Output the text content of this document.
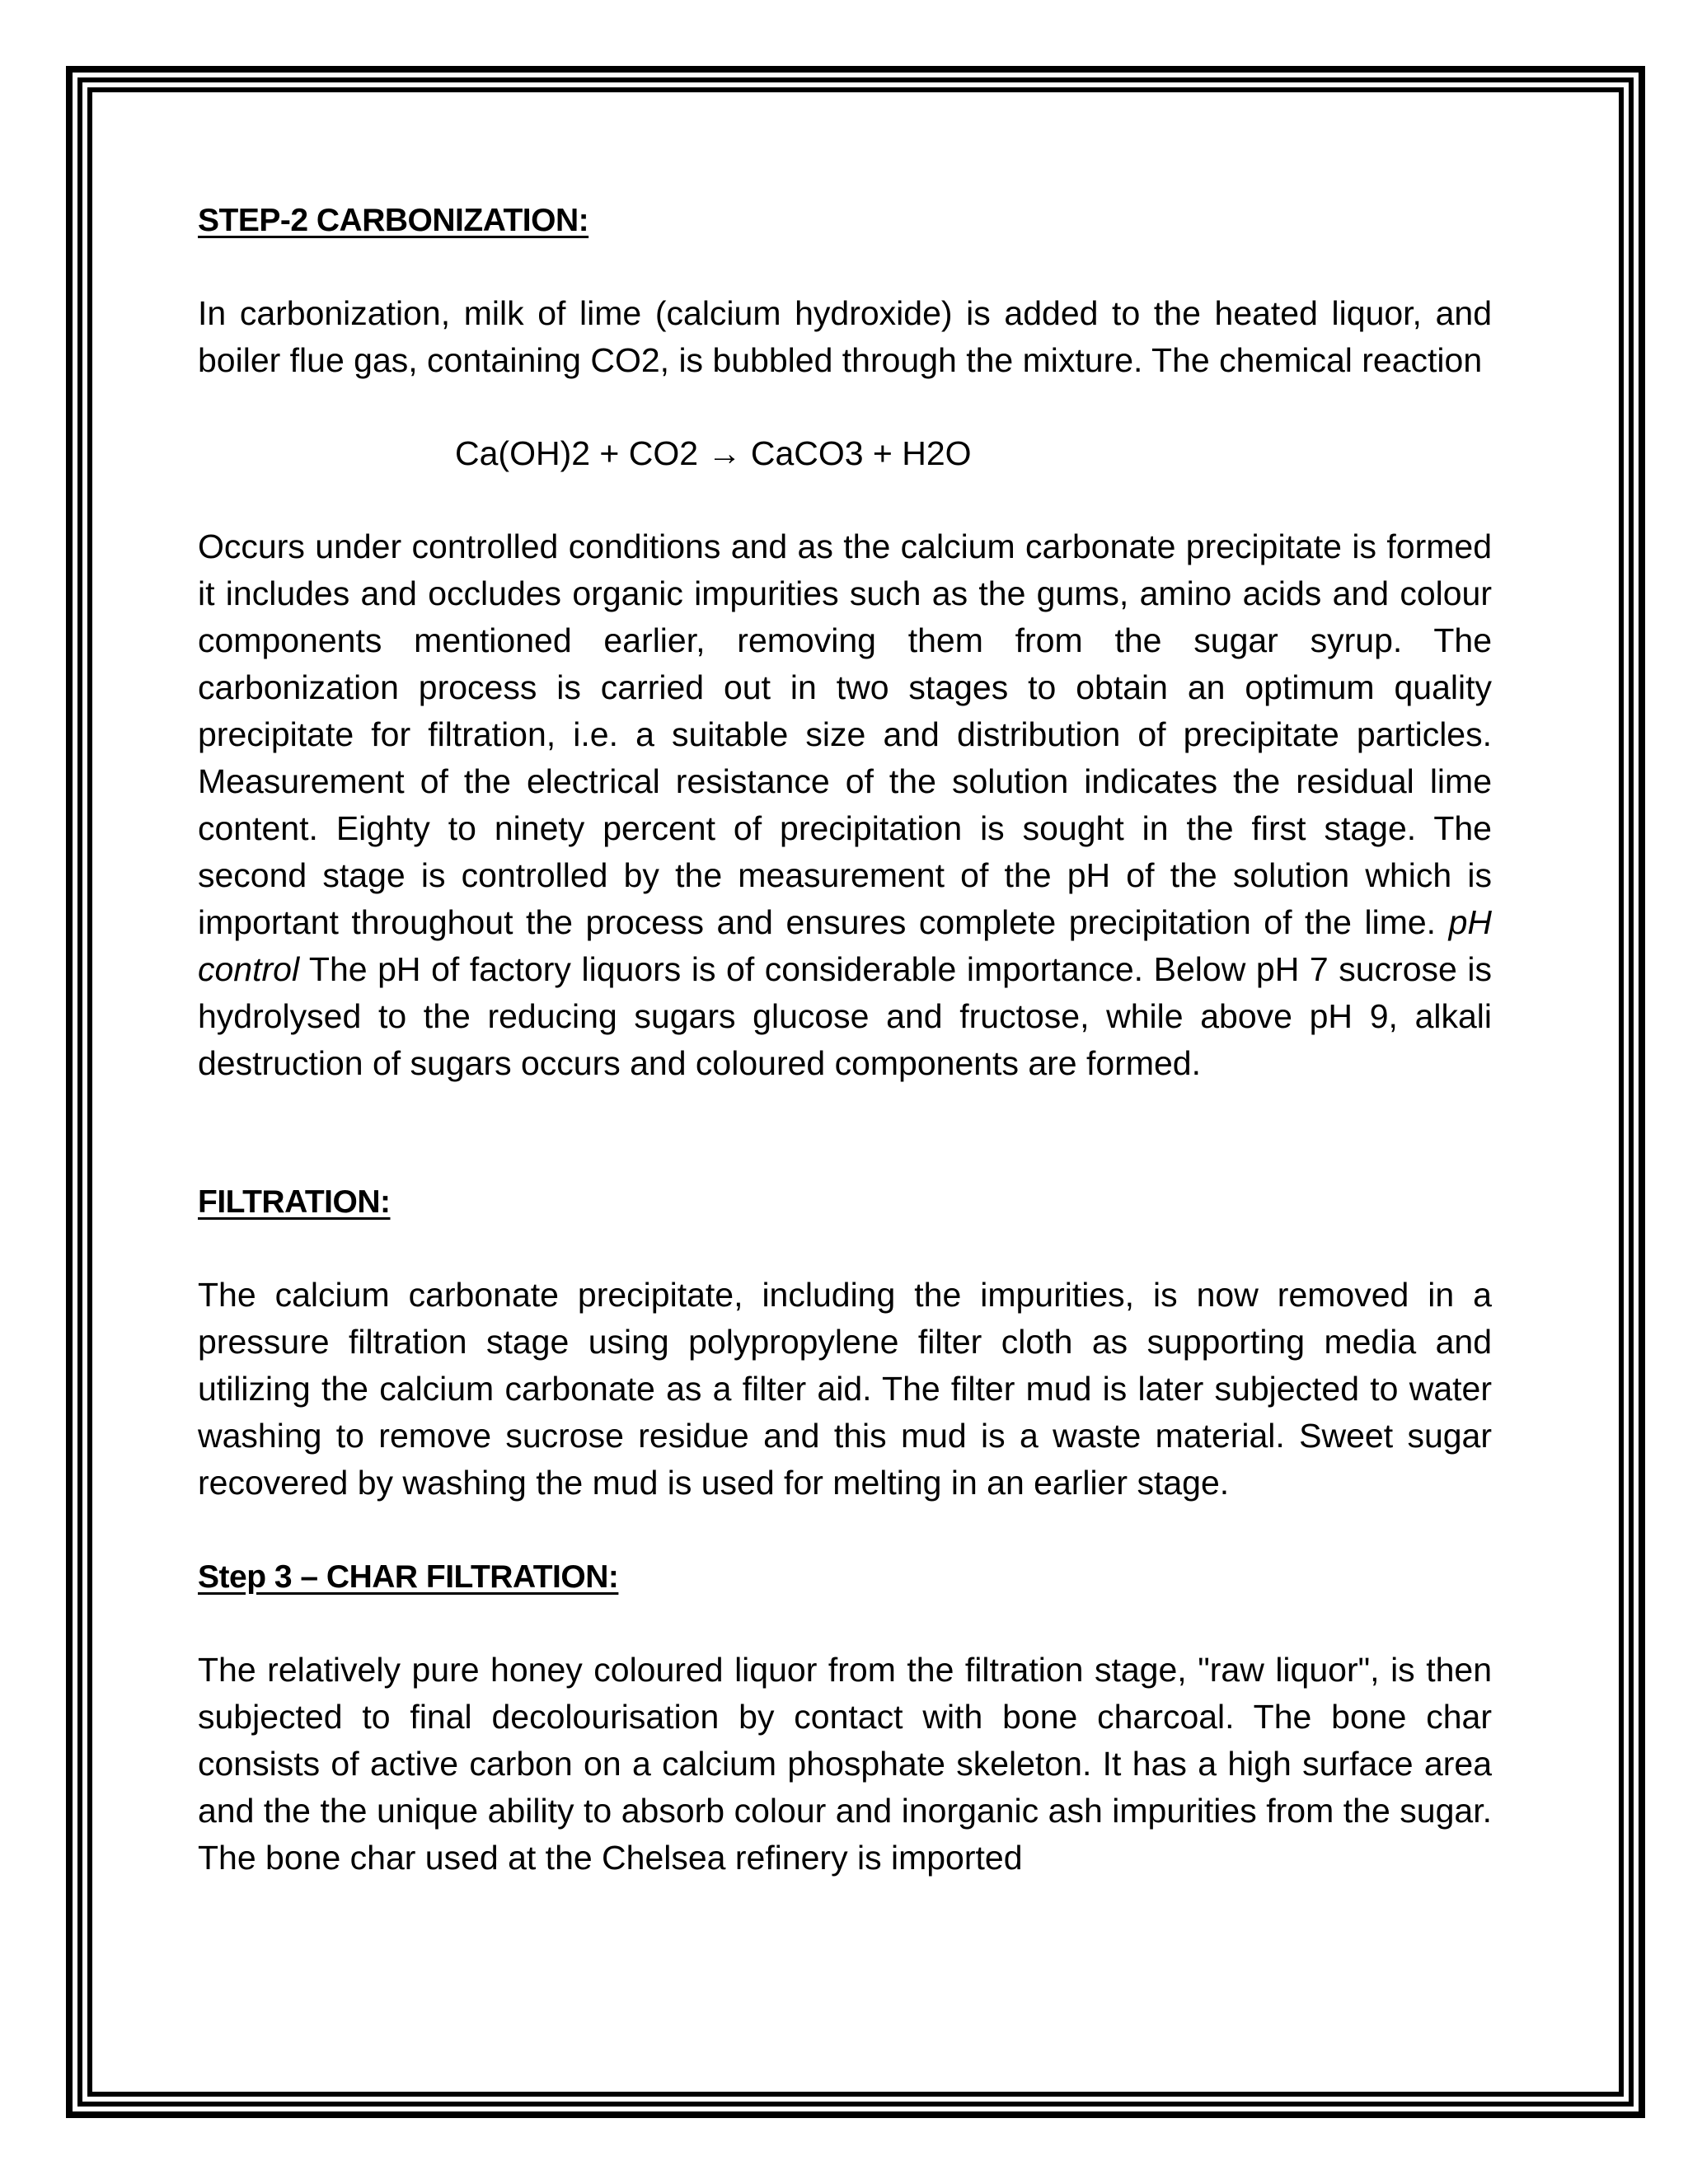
STEP-2 CARBONIZATION:

In carbonization, milk of lime (calcium hydroxide) is added to the heated liquor, and boiler flue gas, containing CO2, is bubbled through the mixture. The chemical reaction

Ca(OH)2 + CO2 → CaCO3 + H2O

Occurs under controlled conditions and as the calcium carbonate precipitate is formed it includes and occludes organic impurities such as the gums, amino acids and colour components mentioned earlier, removing them from the sugar syrup. The carbonization process is carried out in two stages to obtain an optimum quality precipitate for filtration, i.e. a suitable size and distribution of precipitate particles. Measurement of the electrical resistance of the solution indicates the residual lime content. Eighty to ninety percent of precipitation is sought in the first stage. The second stage is controlled by the measurement of the pH of the solution which is important throughout the process and ensures complete precipitation of the lime. pH control The pH of factory liquors is of considerable importance. Below pH 7 sucrose is hydrolysed to the reducing sugars glucose and fructose, while above pH 9, alkali destruction of sugars occurs and coloured components are formed.

FILTRATION:

The calcium carbonate precipitate, including the impurities, is now removed in a pressure filtration stage using polypropylene filter cloth as supporting media and utilizing the calcium carbonate as a filter aid. The filter mud is later subjected to water washing to remove sucrose residue and this mud is a waste material. Sweet sugar recovered by washing the mud is used for melting in an earlier stage.

Step 3 – CHAR FILTRATION:

The relatively pure honey coloured liquor from the filtration stage, "raw liquor", is then subjected to final decolourisation by contact with bone charcoal. The bone char consists of active carbon on a calcium phosphate skeleton. It has a high surface area and the the unique ability to absorb colour and inorganic ash impurities from the sugar. The bone char used at the Chelsea refinery is imported
